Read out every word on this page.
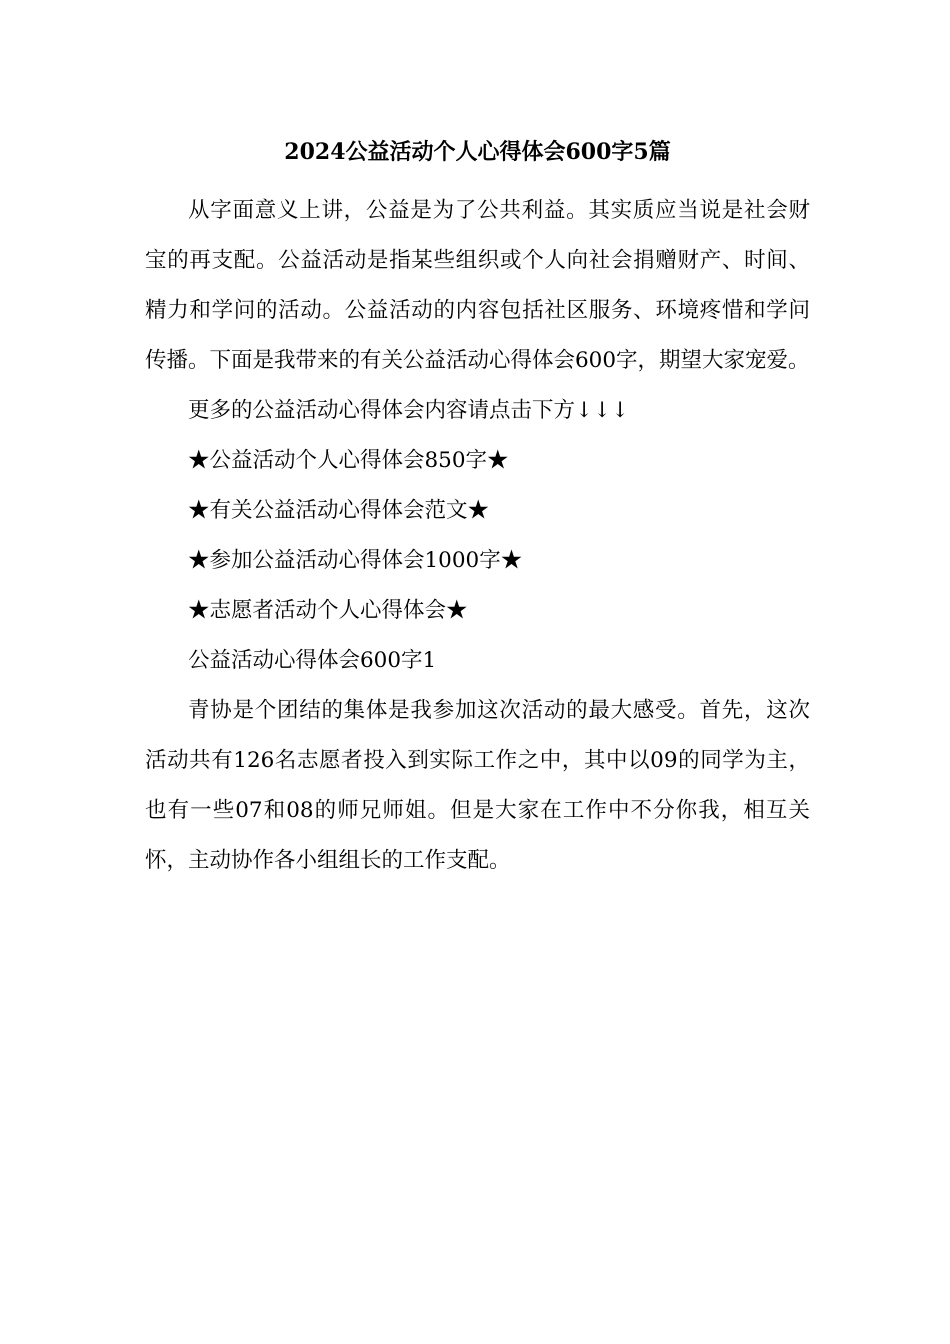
2024公益活动个人心得体会600字5篇

从字面意义上讲，公益是为了公共利益。其实质应当说是社会财宝的再支配。公益活动是指某些组织或个人向社会捐赠财产、时间、精力和学问的活动。公益活动的内容包括社区服务、环境疼惜和学问传播。下面是我带来的有关公益活动心得体会600字，期望大家宠爱。

更多的公益活动心得体会内容请点击下方↓↓↓

★公益活动个人心得体会850字★

★有关公益活动心得体会范文★

★参加公益活动心得体会1000字★

★志愿者活动个人心得体会★

公益活动心得体会600字1

青协是个团结的集体是我参加这次活动的最大感受。首先，这次活动共有126名志愿者投入到实际工作之中，其中以09的同学为主，也有一些07和08的师兄师姐。但是大家在工作中不分你我，相互关怀，主动协作各小组组长的工作支配。
